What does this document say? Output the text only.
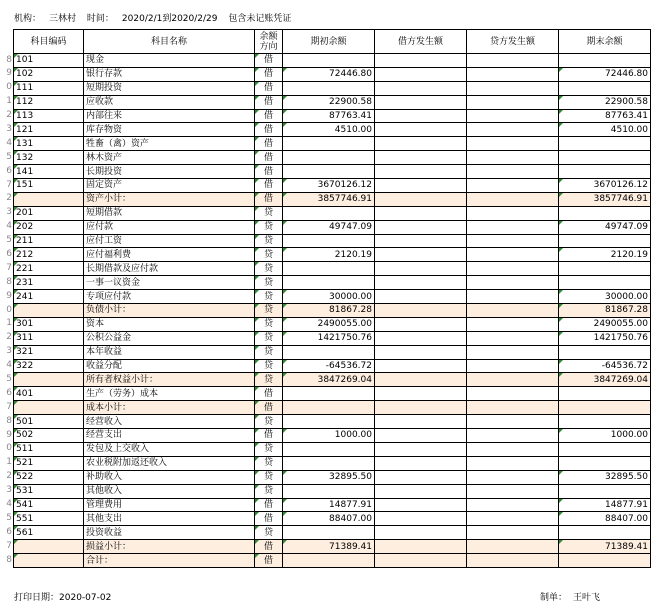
机构： 三林村 时间： 2020/2/1到2020/2/29 包含未记账凭证
8
9
0
1
2
3
4
5
6
7
2
3
4
5
6
7
8
9
0
1
2
3
4
5
6
7
8
9
0
1
2
3
4
5
6
7
8
科目编码	科目名称	余额方向	期初余额	借方发生额	贷方发生额	期末余额
101	现金	借				
102	银行存款	借	72446.80			72446.80
111	短期投资	借				
112	应收款	借	22900.58			22900.58
113	内部往来	借	87763.41			87763.41
121	库存物资	借	4510.00			4510.00
131	牲畜（禽）资产	借				
132	林木资产	借				
141	长期投资	借				
151	固定资产	借	3670126.12			3670126.12
	资产小计：	借	3857746.91			3857746.91
201	短期借款	贷				
202	应付款	贷	49747.09			49747.09
211	应付工资	贷				
212	应付福利费	贷	2120.19			2120.19
221	长期借款及应付款	贷				
231	一事一议资金	贷				
241	专项应付款	贷	30000.00			30000.00
	负债小计：	贷	81867.28			81867.28
301	资本	贷	2490055.00			2490055.00
311	公积公益金	贷	1421750.76			1421750.76
321	本年收益	贷				
322	收益分配	贷	-64536.72			-64536.72
	所有者权益小计：	贷	3847269.04			3847269.04
401	生产（劳务）成本	借				
	成本小计：	借				
501	经营收入	贷				
502	经营支出	借	1000.00			1000.00
511	发包及上交收入	贷				
521	农业税附加返还收入	贷				
522	补助收入	贷	32895.50			32895.50
531	其他收入	贷				
541	管理费用	借	14877.91			14877.91
551	其他支出	借	88407.00			88407.00
561	投资收益	贷				
	损益小计：	借	71389.41			71389.41
	合计：	借				
打印日期：2020-07-02	制单： 王叶飞
